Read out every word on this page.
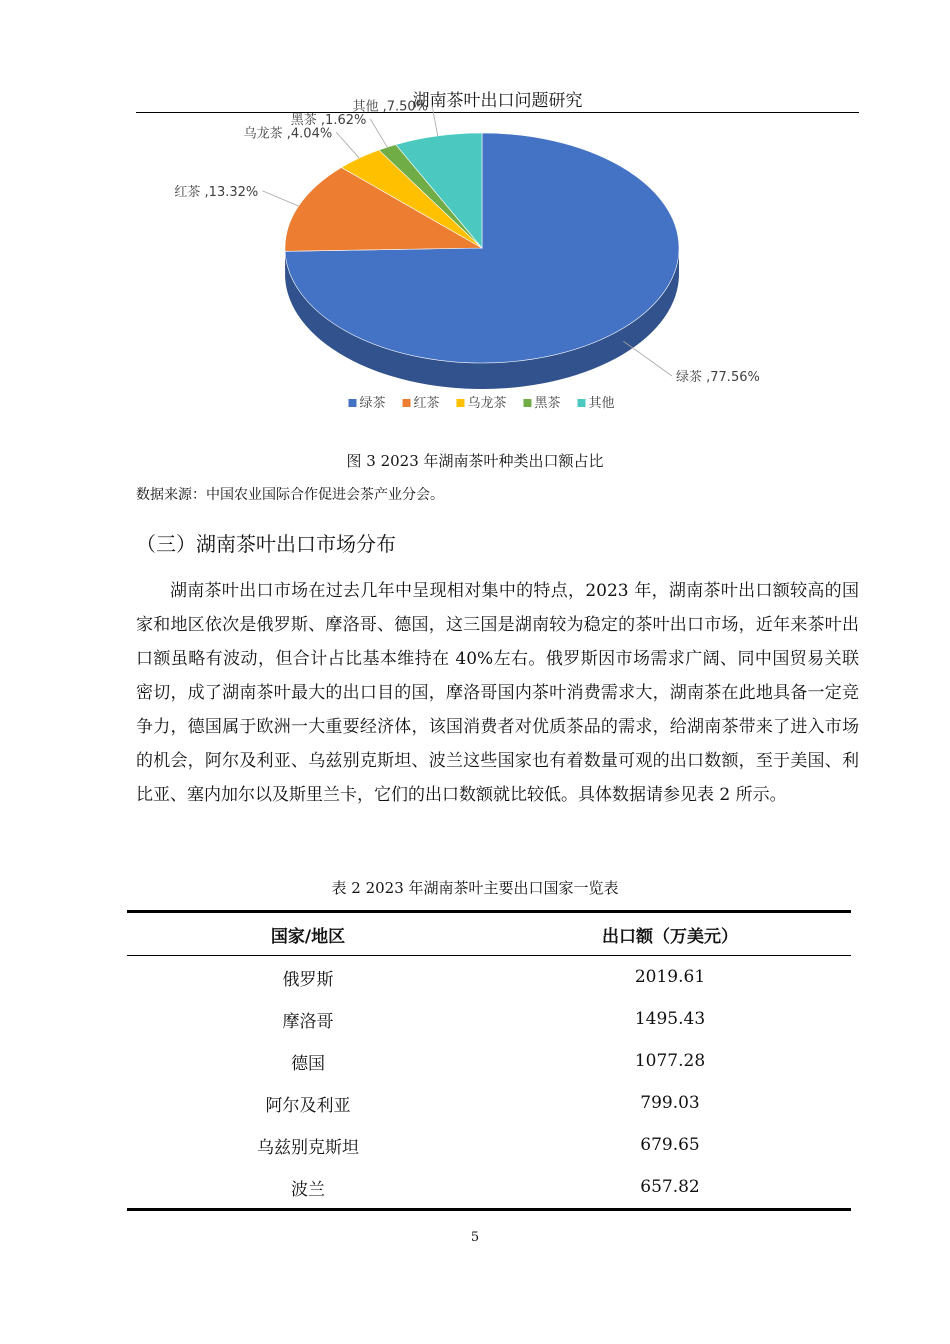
湖南茶叶出口问题研究
绿茶 ,77.56%
红茶 ,13.32%
乌龙茶 ,4.04%
黑茶 ,1.62%
其他 ,7.50%
绿茶 红茶 乌龙茶 黑茶 其他
图 3 2023 年湖南茶叶种类出口额占比
数据来源：中国农业国际合作促进会茶产业分会。
（三）湖南茶叶出口市场分布

湖南茶叶出口市场在过去几年中呈现相对集中的特点，2023 年，湖南茶叶出口额较高的国家和地区依次是俄罗斯、摩洛哥、德国，这三国是湖南较为稳定的茶叶出口市场，近年来茶叶出口额虽略有波动，但合计占比基本维持在 40%左右。俄罗斯因市场需求广阔、同中国贸易关联密切，成了湖南茶叶最大的出口目的国，摩洛哥国内茶叶消费需求大，湖南茶在此地具备一定竞争力，德国属于欧洲一大重要经济体，该国消费者对优质茶品的需求，给湖南茶带来了进入市场的机会，阿尔及利亚、乌兹别克斯坦、波兰这些国家也有着数量可观的出口数额，至于美国、利比亚、塞内加尔以及斯里兰卡，它们的出口数额就比较低。具体数据请参见表 2 所示。

表 2 2023 年湖南茶叶主要出口国家一览表
国家/地区	出口额（万美元）
俄罗斯	2019.61
摩洛哥	1495.43
德国	1077.28
阿尔及利亚	799.03
乌兹别克斯坦	679.65
波兰	657.82
5
